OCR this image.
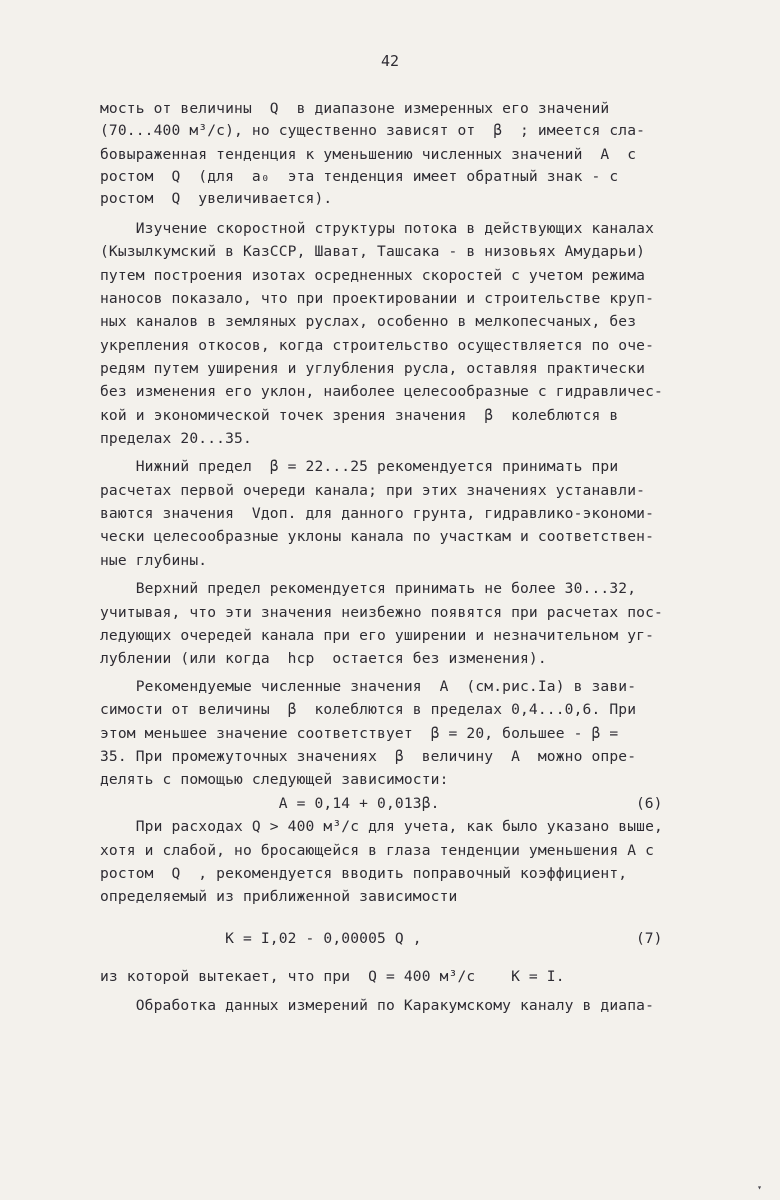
42
мость от величины  Q  в диапазоне измеренных его значений
(70...400 м³/с), но существенно зависят от  β  ; имеется сла-
бовыраженная тенденция к уменьшению численных значений  A  с
ростом  Q  (для  a₀  эта тенденция имеет обратный знак - с
ростом  Q  увеличивается).
Изучение скоростной структуры потока в действующих каналах
(Кызылкумский в КазССР, Шават, Ташсака - в низовьях Амударьи)
путем построения изотах осредненных скоростей с учетом режима
наносов показало, что при проектировании и строительстве круп-
ных каналов в земляных руслах, особенно в мелкопесчаных, без
укрепления откосов, когда строительство осуществляется по оче-
редям путем уширения и углубления русла, оставляя практически
без изменения его уклон, наиболее целесообразные с гидравличес-
кой и экономической точек зрения значения  β  колеблются в
пределах 20...35.
Нижний предел  β = 22...25 рекомендуется принимать при
расчетах первой очереди канала; при этих значениях устанавли-
ваются значения  Vдоп. для данного грунта, гидравлико-экономи-
чески целесообразные уклоны канала по участкам и соответствен-
ные глубины.
Верхний предел рекомендуется принимать не более 30...32,
учитывая, что эти значения неизбежно появятся при расчетах пос-
ледующих очередей канала при его уширении и незначительном уг-
лублении (или когда  hср  остается без изменения).
Рекомендуемые численные значения  A  (см.рис.Iа) в зави-
симости от величины  β  колеблются в пределах 0,4...0,6. При
этом меньшее значение соответствует  β = 20, большее - β =
35. При промежуточных значениях  β  величину  A  можно опре-
делять с помощью следующей зависимости:
A = 0,14 + 0,013β.	(6)
При расходах Q > 400 м³/с для учета, как было указано выше,
хотя и слабой, но бросающейся в глаза тенденции уменьшения A с
ростом  Q  , рекомендуется вводить поправочный коэффициент,
определяемый из приближенной зависимости
K = I,02 - 0,00005 Q ,	(7)
из которой вытекает, что при  Q = 400 м³/с    K = I.
Обработка данных измерений по Каракумскому каналу в диапа-
▾
